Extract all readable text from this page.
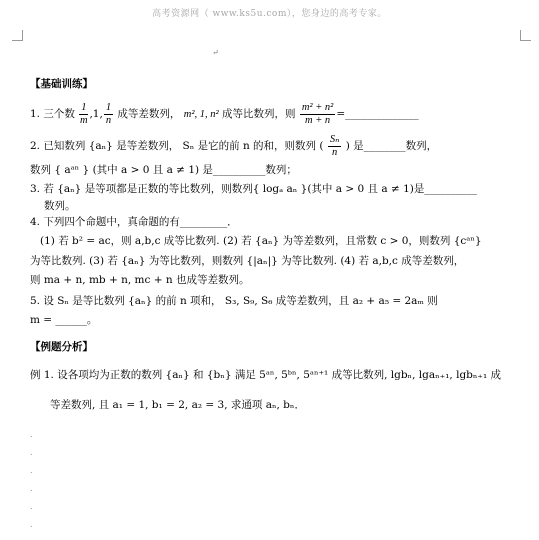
高考资源网（ www.ks5u.com），您身边的高考专家。
↵
【基础训练】
1. 三个数 $\frac{1}{m} ,1$, $\frac{1}{n}$ 成等差数列， m², 1, n² 成等比数列，则 $\frac{\text{m² + n²}}{m + n}$ =______________
2. 已知数列 {aₙ} 是等差数列， Sₙ 是它的前 n 的和，则数列 ( $\frac{\text{Sₙ}}{n}$ ) 是________数列，
数列 { aᵃⁿ } (其中 a > 0 且 a ≠ 1) 是__________数列；
3. 若 {aₙ} 是等项都是正数的等比数列，则数列{ logₐ aₙ }(其中 a > 0 且 a ≠ 1)是__________
数列。
4. 下列四个命题中，真命题的有_________．
(1) 若 b² = ac，则 a,b,c 成等比数列. (2) 若 {aₙ} 为等差数列，且常数 c > 0，则数列 {cᵃⁿ}
为等比数列. (3) 若 {aₙ} 为等比数列，则数列 {|aₙ|} 为等比数列. (4) 若 a,b,c 成等差数列，
则 ma + n, mb + n, mc + n 也成等差数列。
5. 设 Sₙ 是等比数列 {aₙ} 的前 n 项和， S₃, S₉, S₆ 成等差数列，且 a₂ + a₅ = 2aₘ 则
m = ______。
【例题分析】
例 1. 设各项均为正数的数列 {aₙ} 和 {bₙ} 满足 5ᵃⁿ, 5ᵇⁿ, 5ᵃⁿ⁺¹ 成等比数列, lgbₙ, lgaₙ₊₁, lgbₙ₊₁ 成
等差数列, 且 a₁ = 1, b₁ = 2, a₂ = 3, 求通项 aₙ, bₙ．
.
.
.
.
.
.
